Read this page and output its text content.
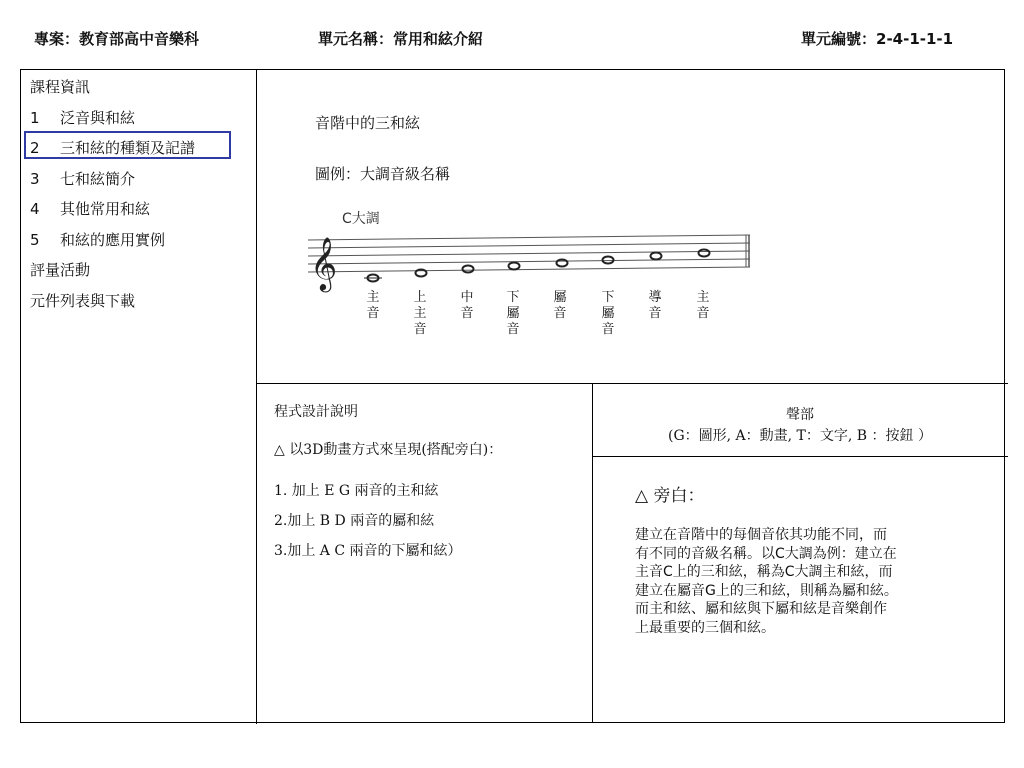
專案：教育部高中音樂科	單元名稱：常用和絃介紹	單元編號：2-4-1-1-1
課程資訊
1	泛音與和絃
2	三和絃的種類及記譜
3	七和絃簡介
4	其他常用和絃
5	和絃的應用實例
評量活動
元件列表與下載
音階中的三和絃
圖例：大調音級名稱
C大調
𝄞
主
音
上
主
音
中
音
下
屬
音
屬
音
下
屬
音
導
音
主
音
程式設計說明
△ 以3D動畫方式來呈現(搭配旁白)：
1. 加上 E G 兩音的主和絃
2.加上 B D 兩音的屬和絃
3.加上 A C 兩音的下屬和絃）
聲部
(G：圖形, A：動畫, T：文字, B ：按鈕 ）
△ 旁白：
建立在音階中的每個音依其功能不同，而
有不同的音級名稱。以C大調為例：建立在
主音C上的三和絃，稱為C大調主和絃，而
建立在屬音G上的三和絃，則稱為屬和絃。
而主和絃、屬和絃與下屬和絃是音樂創作
上最重要的三個和絃。
